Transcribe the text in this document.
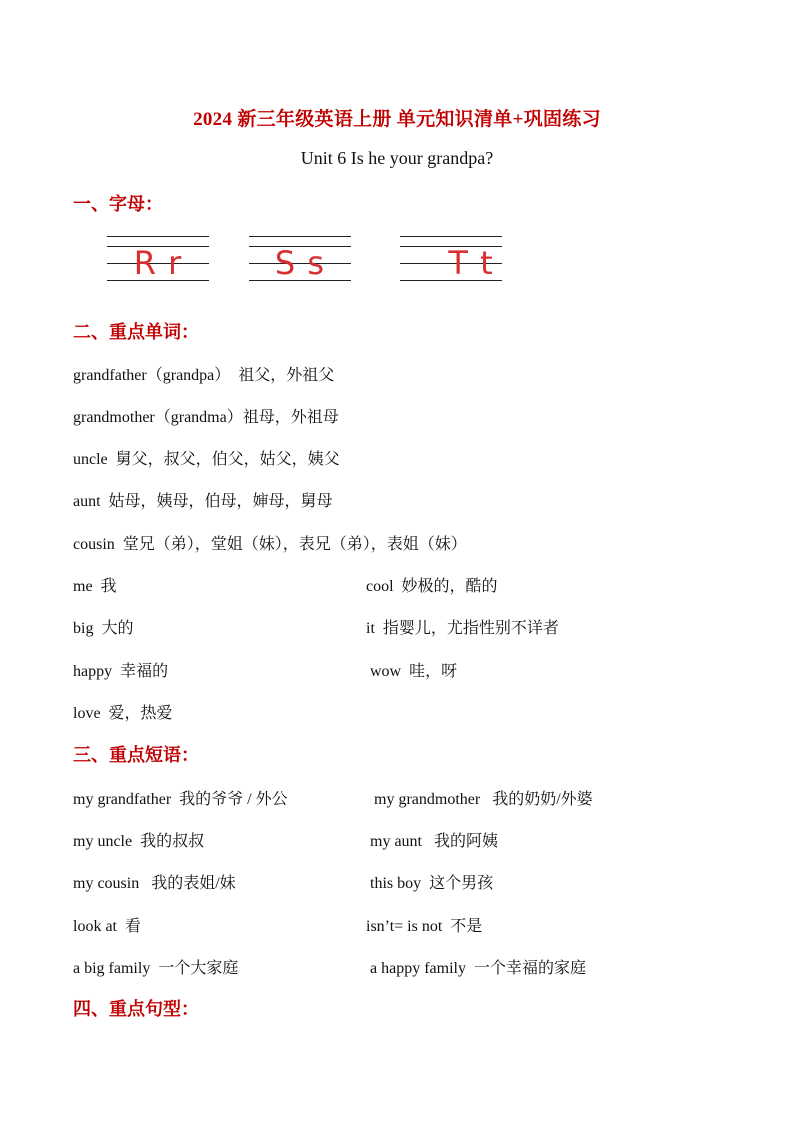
2024 新三年级英语上册 单元知识清单+巩固练习
Unit 6 Is he your grandpa?
一、字母：
R r	S s	T t
二、重点单词：
grandfather（grandpa）  祖父，外祖父
grandmother（grandma）祖母，外祖母
uncle  舅父，叔父，伯父，姑父，姨父
aunt  姑母，姨母，伯母，婶母，舅母
cousin  堂兄（弟），堂姐（妹），表兄（弟），表姐（妹）
me  我	cool  妙极的，酷的
big  大的	it  指婴儿，尤指性别不详者
happy  幸福的	wow  哇，呀
love  爱，热爱
三、重点短语：
my grandfather  我的爷爷 / 外公	my grandmother   我的奶奶/外婆
my uncle  我的叔叔	my aunt   我的阿姨
my cousin   我的表姐/妹	this boy  这个男孩
look at  看	isn’t= is not  不是
a big family  一个大家庭	a happy family  一个幸福的家庭
四、重点句型：
